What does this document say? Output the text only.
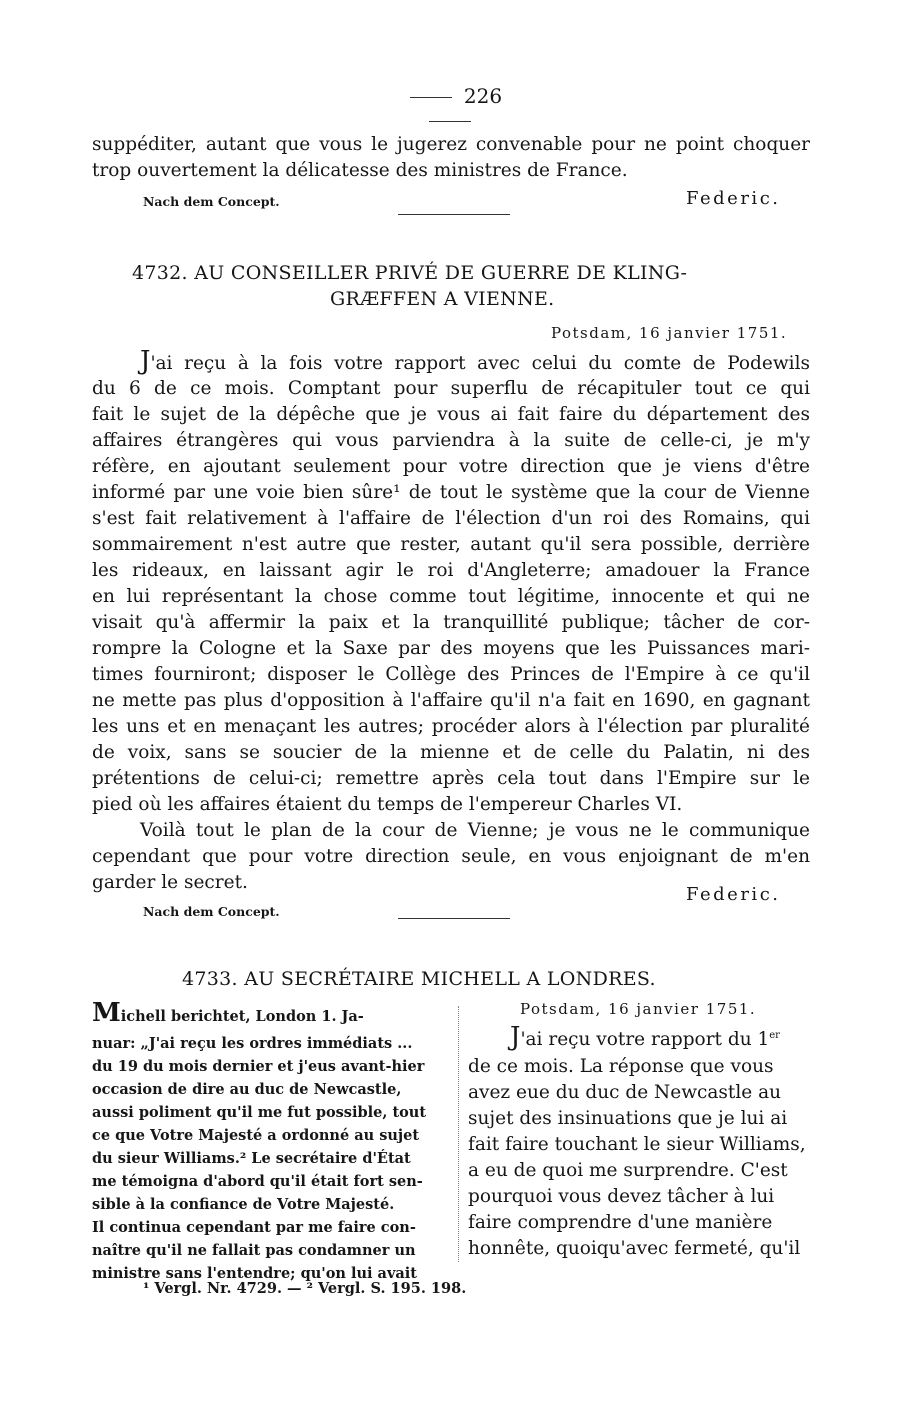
226
suppéditer, autant que vous le jugerez convenable pour ne point choquer
trop ouvertement la délicatesse des ministres de France.
Nach dem Concept.	Federic.
4732. AU CONSEILLER PRIVÉ DE GUERRE DE KLING-
GRÆFFEN A VIENNE.
Potsdam, 16 janvier 1751.
J'ai reçu à la fois votre rapport avec celui du comte de Podewils
du 6 de ce mois. Comptant pour superflu de récapituler tout ce qui
fait le sujet de la dépêche que je vous ai fait faire du département des
affaires étrangères qui vous parviendra à la suite de celle-ci, je m'y
réfère, en ajoutant seulement pour votre direction que je viens d'être
informé par une voie bien sûre¹ de tout le système que la cour de Vienne
s'est fait relativement à l'affaire de l'élection d'un roi des Romains, qui
sommairement n'est autre que rester, autant qu'il sera possible, derrière
les rideaux, en laissant agir le roi d'Angleterre; amadouer la France
en lui représentant la chose comme tout légitime, innocente et qui ne
visait qu'à affermir la paix et la tranquillité publique; tâcher de cor-
rompre la Cologne et la Saxe par des moyens que les Puissances mari-
times fourniront; disposer le Collège des Princes de l'Empire à ce qu'il
ne mette pas plus d'opposition à l'affaire qu'il n'a fait en 1690, en gagnant
les uns et en menaçant les autres; procéder alors à l'élection par pluralité
de voix, sans se soucier de la mienne et de celle du Palatin, ni des
prétentions de celui-ci; remettre après cela tout dans l'Empire sur le
pied où les affaires étaient du temps de l'empereur Charles VI.
Voilà tout le plan de la cour de Vienne; je vous ne le communique
cependant que pour votre direction seule, en vous enjoignant de m'en
garder le secret.
Federic.
Nach dem Concept.
4733. AU SECRÉTAIRE MICHELL A LONDRES.
Michell berichtet, London 1. Ja-
nuar: „J'ai reçu les ordres immédiats ...
du 19 du mois dernier et j'eus avant-hier
occasion de dire au duc de Newcastle,
aussi poliment qu'il me fut possible, tout
ce que Votre Majesté a ordonné au sujet
du sieur Williams.² Le secrétaire d'État
me témoigna d'abord qu'il était fort sen-
sible à la confiance de Votre Majesté.
Il continua cependant par me faire con-
naître qu'il ne fallait pas condamner un
ministre sans l'entendre; qu'on lui avait
Potsdam, 16 janvier 1751.
J'ai reçu votre rapport du 1er
de ce mois. La réponse que vous
avez eue du duc de Newcastle au
sujet des insinuations que je lui ai
fait faire touchant le sieur Williams,
a eu de quoi me surprendre. C'est
pourquoi vous devez tâcher à lui
faire comprendre d'une manière
honnête, quoiqu'avec fermeté, qu'il
¹ Vergl. Nr. 4729. — ² Vergl. S. 195. 198.
